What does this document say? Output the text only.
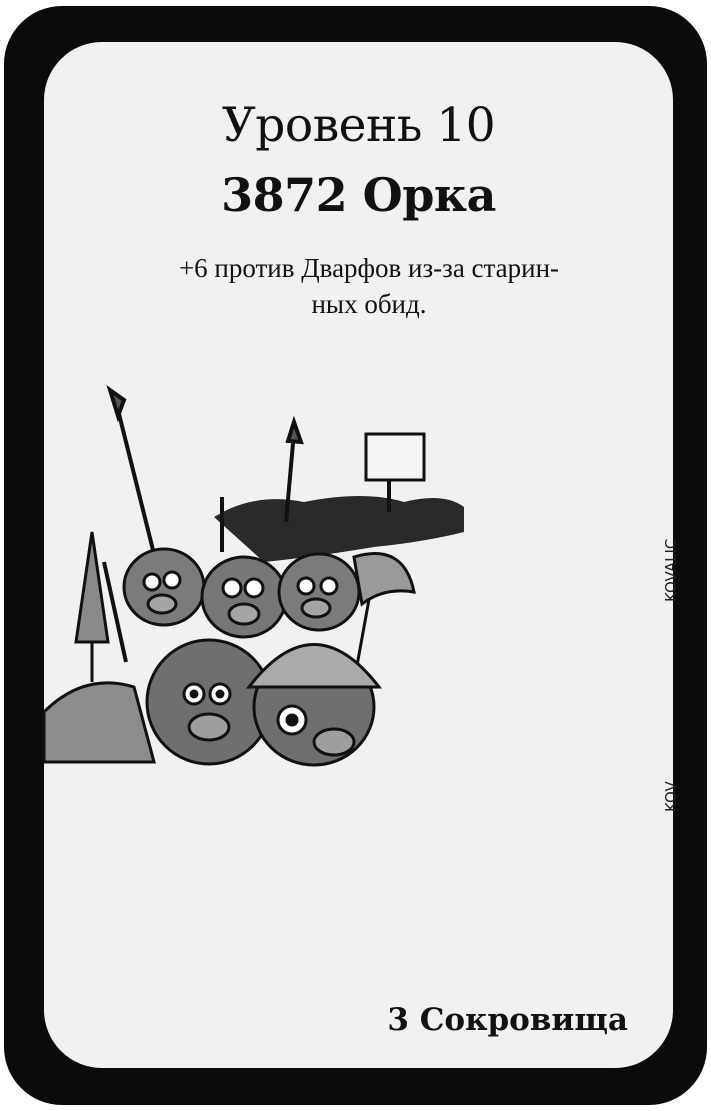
Уровень 10
3872 Орка
+6 против Дварфов из-за старин-
ных обид.
KOVALIC
KOV
3 Сокровища
